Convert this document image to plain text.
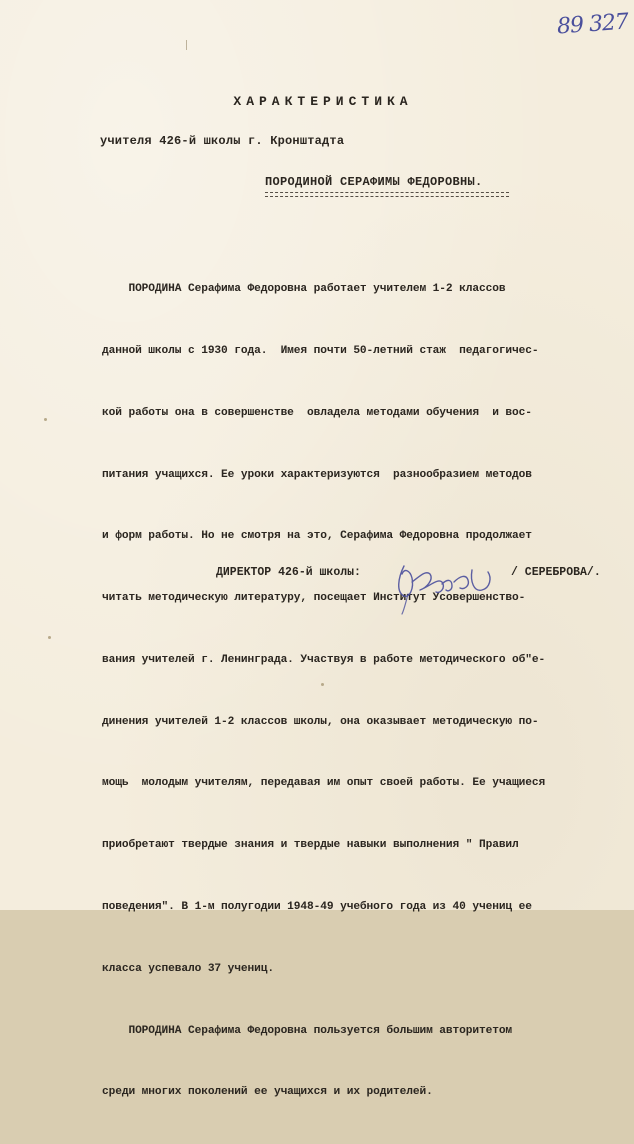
89 327
ХАРАКТЕРИСТИКА
учителя 426-й школы г. Кронштадта
ПОРОДИНОЙ СЕРАФИМЫ ФЕДОРОВНЫ.

ПОРОДИНА Серафима Федоровна работает учителем 1-2 классов

данной школы с 1930 года.  Имея почти 50-летний стаж  педагогичес-

кой работы она в совершенстве  овладела методами обучения  и вос-

питания учащихся. Ее уроки характеризуются  разнообразием методов

и форм работы. Но не смотря на это, Серафима Федоровна продолжает

читать методическую литературу, посещает Институт Усовершенство-

вания учителей г. Ленинграда. Участвуя в работе методического об"е-

динения учителей 1-2 классов школы, она оказывает методическую по-

мощь  молодым учителям, передавая им опыт своей работы. Ее учащиеся

приобретают твердые знания и твердые навыки выполнения " Правил

поведения". В 1-м полугодии 1948-49 учебного года из 40 учениц ее

класса успевало 37 учениц.

ПОРОДИНА Серафима Федоровна пользуется большим авторитетом

среди многих поколений ее учащихся и их родителей.

ДИРЕКТОР 426-й школы:	/ СЕРЕБРОВА/.
